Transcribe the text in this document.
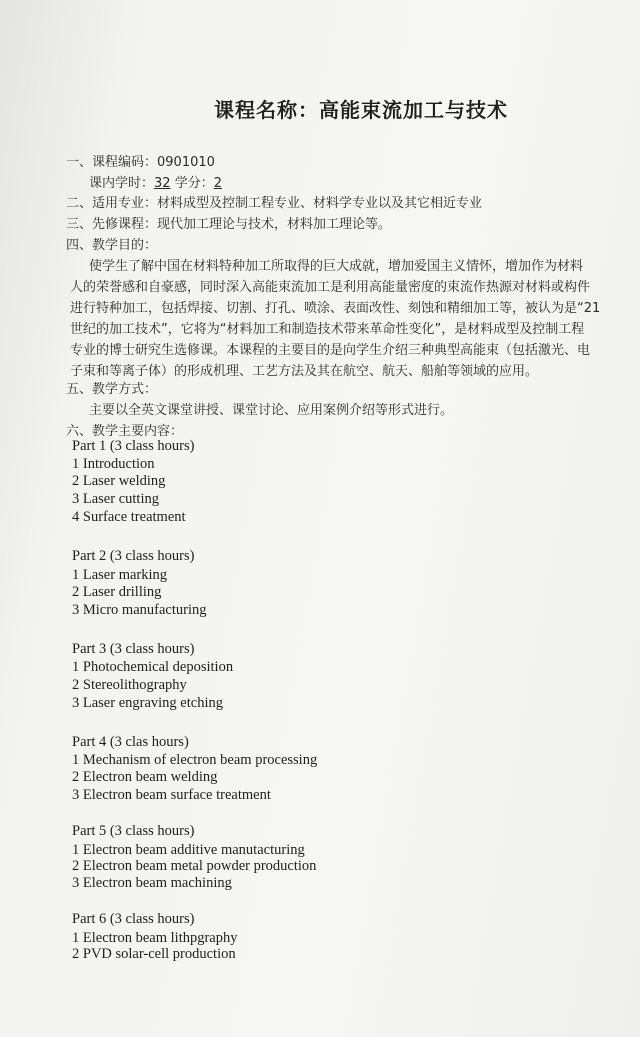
课程名称：高能束流加工与技术
一、课程编码：0901010
课内学时：32 学分：2
二、适用专业：材料成型及控制工程专业、材料学专业以及其它相近专业
三、先修课程：现代加工理论与技术，材料加工理论等。
四、教学目的：
使学生了解中国在材料特种加工所取得的巨大成就，增加爱国主义情怀，增加作为材料
人的荣誉感和自豪感，同时深入高能束流加工是利用高能量密度的束流作热源对材料或构件
进行特种加工，包括焊接、切割、打孔、喷涂、表面改性、刻蚀和精细加工等，被认为是“21
世纪的加工技术”，它将为“材料加工和制造技术带来革命性变化”，是材料成型及控制工程
专业的博士研究生选修课。本课程的主要目的是向学生介绍三种典型高能束（包括激光、电
子束和等离子体）的形成机理、工艺方法及其在航空、航天、船舶等领域的应用。
五、教学方式：
主要以全英文课堂讲授、课堂讨论、应用案例介绍等形式进行。
六、教学主要内容：
Part 1 (3 class hours)
1 Introduction
2 Laser welding
3 Laser cutting
4 Surface treatment
Part 2 (3 class hours)
1 Laser marking
2 Laser drilling
3 Micro manufacturing
Part 3 (3 class hours)
1 Photochemical deposition
2 Stereolithography
3 Laser engraving etching
Part 4 (3 clas hours)
1 Mechanism of electron beam processing
2 Electron beam welding
3 Electron beam surface treatment
Part 5 (3 class hours)
1 Electron beam additive manutacturing
2 Electron beam metal powder production
3 Electron beam machining
Part 6 (3 class hours)
1 Electron beam lithpgraphy
2 PVD solar-cell production
